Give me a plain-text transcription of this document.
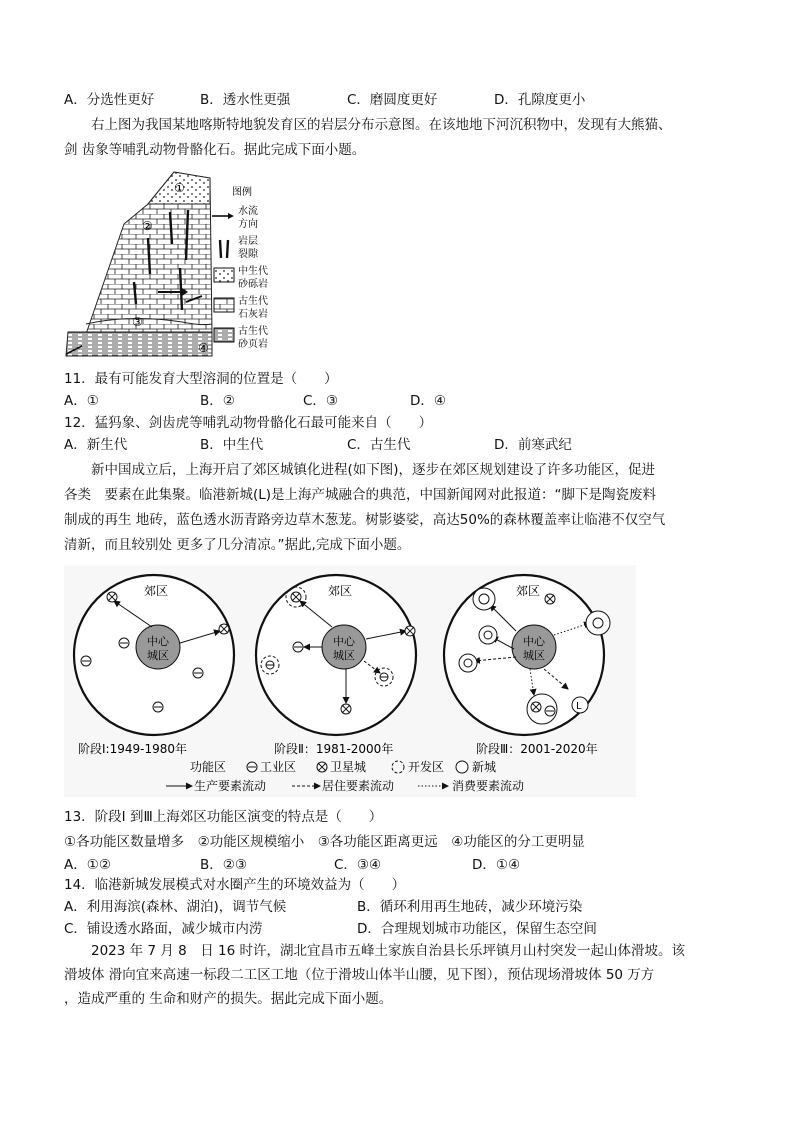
A．分选性更好	B．透水性更强	C．磨圆度更好	D．孔隙度更小
右上图为我国某地喀斯特地貌发育区的岩层分布示意图。在该地地下河沉积物中，发现有大熊猫、
剑 齿象等哺乳动物骨骼化石。据此完成下面小题。
①
②
③
④
图例
水流
方向
岩层
裂隙
中生代
砂砾岩
古生代
石灰岩
古生代
砂页岩
11．最有可能发育大型溶洞的位置是（　　）
A．①	B．②	C．③	D．④
12．猛犸象、剑齿虎等哺乳动物骨骼化石最可能来自（　　）
A．新生代	B．中生代	C．古生代	D．前寒武纪
新中国成立后，上海开启了郊区城镇化进程(如下图)，逐步在郊区规划建设了许多功能区，促进
各类　要素在此集聚。临港新城(L)是上海产城融合的典范，中国新闻网对此报道：“脚下是陶瓷废料
制成的再生 地砖，蓝色透水沥青路旁边草木葱茏。树影婆娑，高达50%的森林覆盖率让临港不仅空气
清新，而且较别处 更多了几分清凉。”据此,完成下面小题。
郊区
中心
城区
郊区
中心
城区
郊区
中心
城区
L
阶段I:1949-1980年	阶段Ⅱ：1981-2000年	阶段Ⅲ：2001-2020年
功能区	工业区	卫星城	开发区 新城
生产要素流动	居住要素流动	消费要素流动
13．阶段Ⅰ 到Ⅲ上海郊区功能区演变的特点是（　　）
①各功能区数量增多　②功能区规模缩小　③各功能区距离更远　④功能区的分工更明显
A．①②	B．②③	C．③④	D．①④
14．临港新城发展模式对水圈产生的环境效益为（　　）
A．利用海滨(森林、湖泊)，调节气候	B．循环利用再生地砖，减少环境污染
C．铺设透水路面，减少城市内涝	D．合理规划城市功能区，保留生态空间
2023 年 7 月 8　日 16 时许，湖北宜昌市五峰土家族自治县长乐坪镇月山村突发一起山体滑坡。该
滑坡体 滑向宜来高速一标段二工区工地（位于滑坡山体半山腰，见下图），预估现场滑坡体 50 万方
，造成严重的 生命和财产的损失。据此完成下面小题。
